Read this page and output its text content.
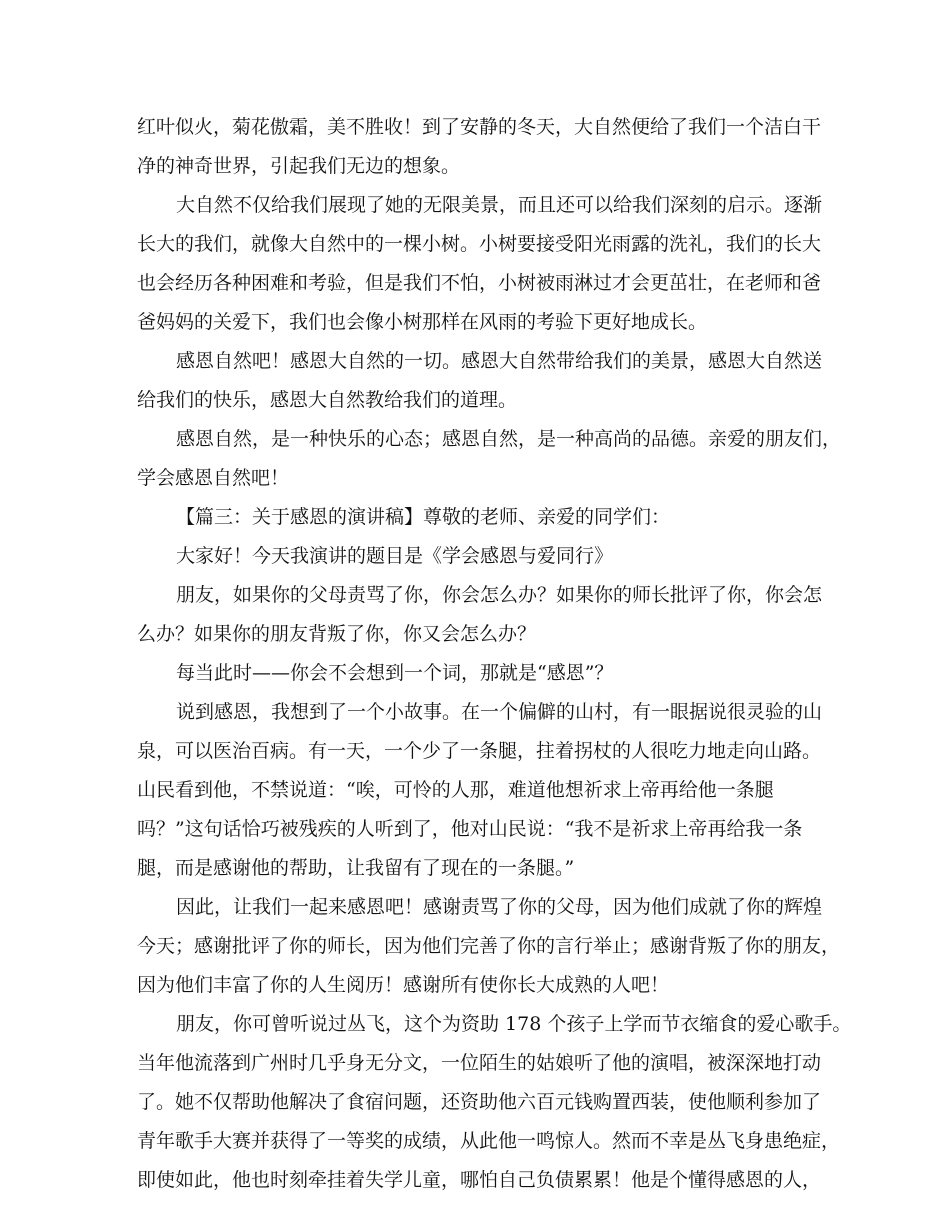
红叶似火，菊花傲霜，美不胜收！到了安静的冬天，大自然便给了我们一个洁白干
净的神奇世界，引起我们无边的想象。
大自然不仅给我们展现了她的无限美景，而且还可以给我们深刻的启示。逐渐
长大的我们，就像大自然中的一棵小树。小树要接受阳光雨露的洗礼，我们的长大
也会经历各种困难和考验，但是我们不怕，小树被雨淋过才会更茁壮，在老师和爸
爸妈妈的关爱下，我们也会像小树那样在风雨的考验下更好地成长。
感恩自然吧！感恩大自然的一切。感恩大自然带给我们的美景，感恩大自然送
给我们的快乐，感恩大自然教给我们的道理。
感恩自然，是一种快乐的心态；感恩自然，是一种高尚的品德。亲爱的朋友们，
学会感恩自然吧！
【篇三：关于感恩的演讲稿】尊敬的老师、亲爱的同学们：
大家好！今天我演讲的题目是《学会感恩与爱同行》
朋友，如果你的父母责骂了你，你会怎么办？如果你的师长批评了你，你会怎
么办？如果你的朋友背叛了你，你又会怎么办？
每当此时——你会不会想到一个词，那就是“感恩”？
说到感恩，我想到了一个小故事。在一个偏僻的山村，有一眼据说很灵验的山
泉，可以医治百病。有一天，一个少了一条腿，拄着拐杖的人很吃力地走向山路。
山民看到他，不禁说道：“唉，可怜的人那，难道他想祈求上帝再给他一条腿
吗？”这句话恰巧被残疾的人听到了，他对山民说：“我不是祈求上帝再给我一条
腿，而是感谢他的帮助，让我留有了现在的一条腿。”
因此，让我们一起来感恩吧！感谢责骂了你的父母，因为他们成就了你的辉煌
今天；感谢批评了你的师长，因为他们完善了你的言行举止；感谢背叛了你的朋友，
因为他们丰富了你的人生阅历！感谢所有使你长大成熟的人吧！
朋友，你可曾听说过丛飞，这个为资助 178 个孩子上学而节衣缩食的爱心歌手。
当年他流落到广州时几乎身无分文，一位陌生的姑娘听了他的演唱，被深深地打动
了。她不仅帮助他解决了食宿问题，还资助他六百元钱购置西装，使他顺利参加了
青年歌手大赛并获得了一等奖的成绩，从此他一鸣惊人。然而不幸是丛飞身患绝症，
即使如此，他也时刻牵挂着失学儿童，哪怕自己负债累累！他是个懂得感恩的人，
